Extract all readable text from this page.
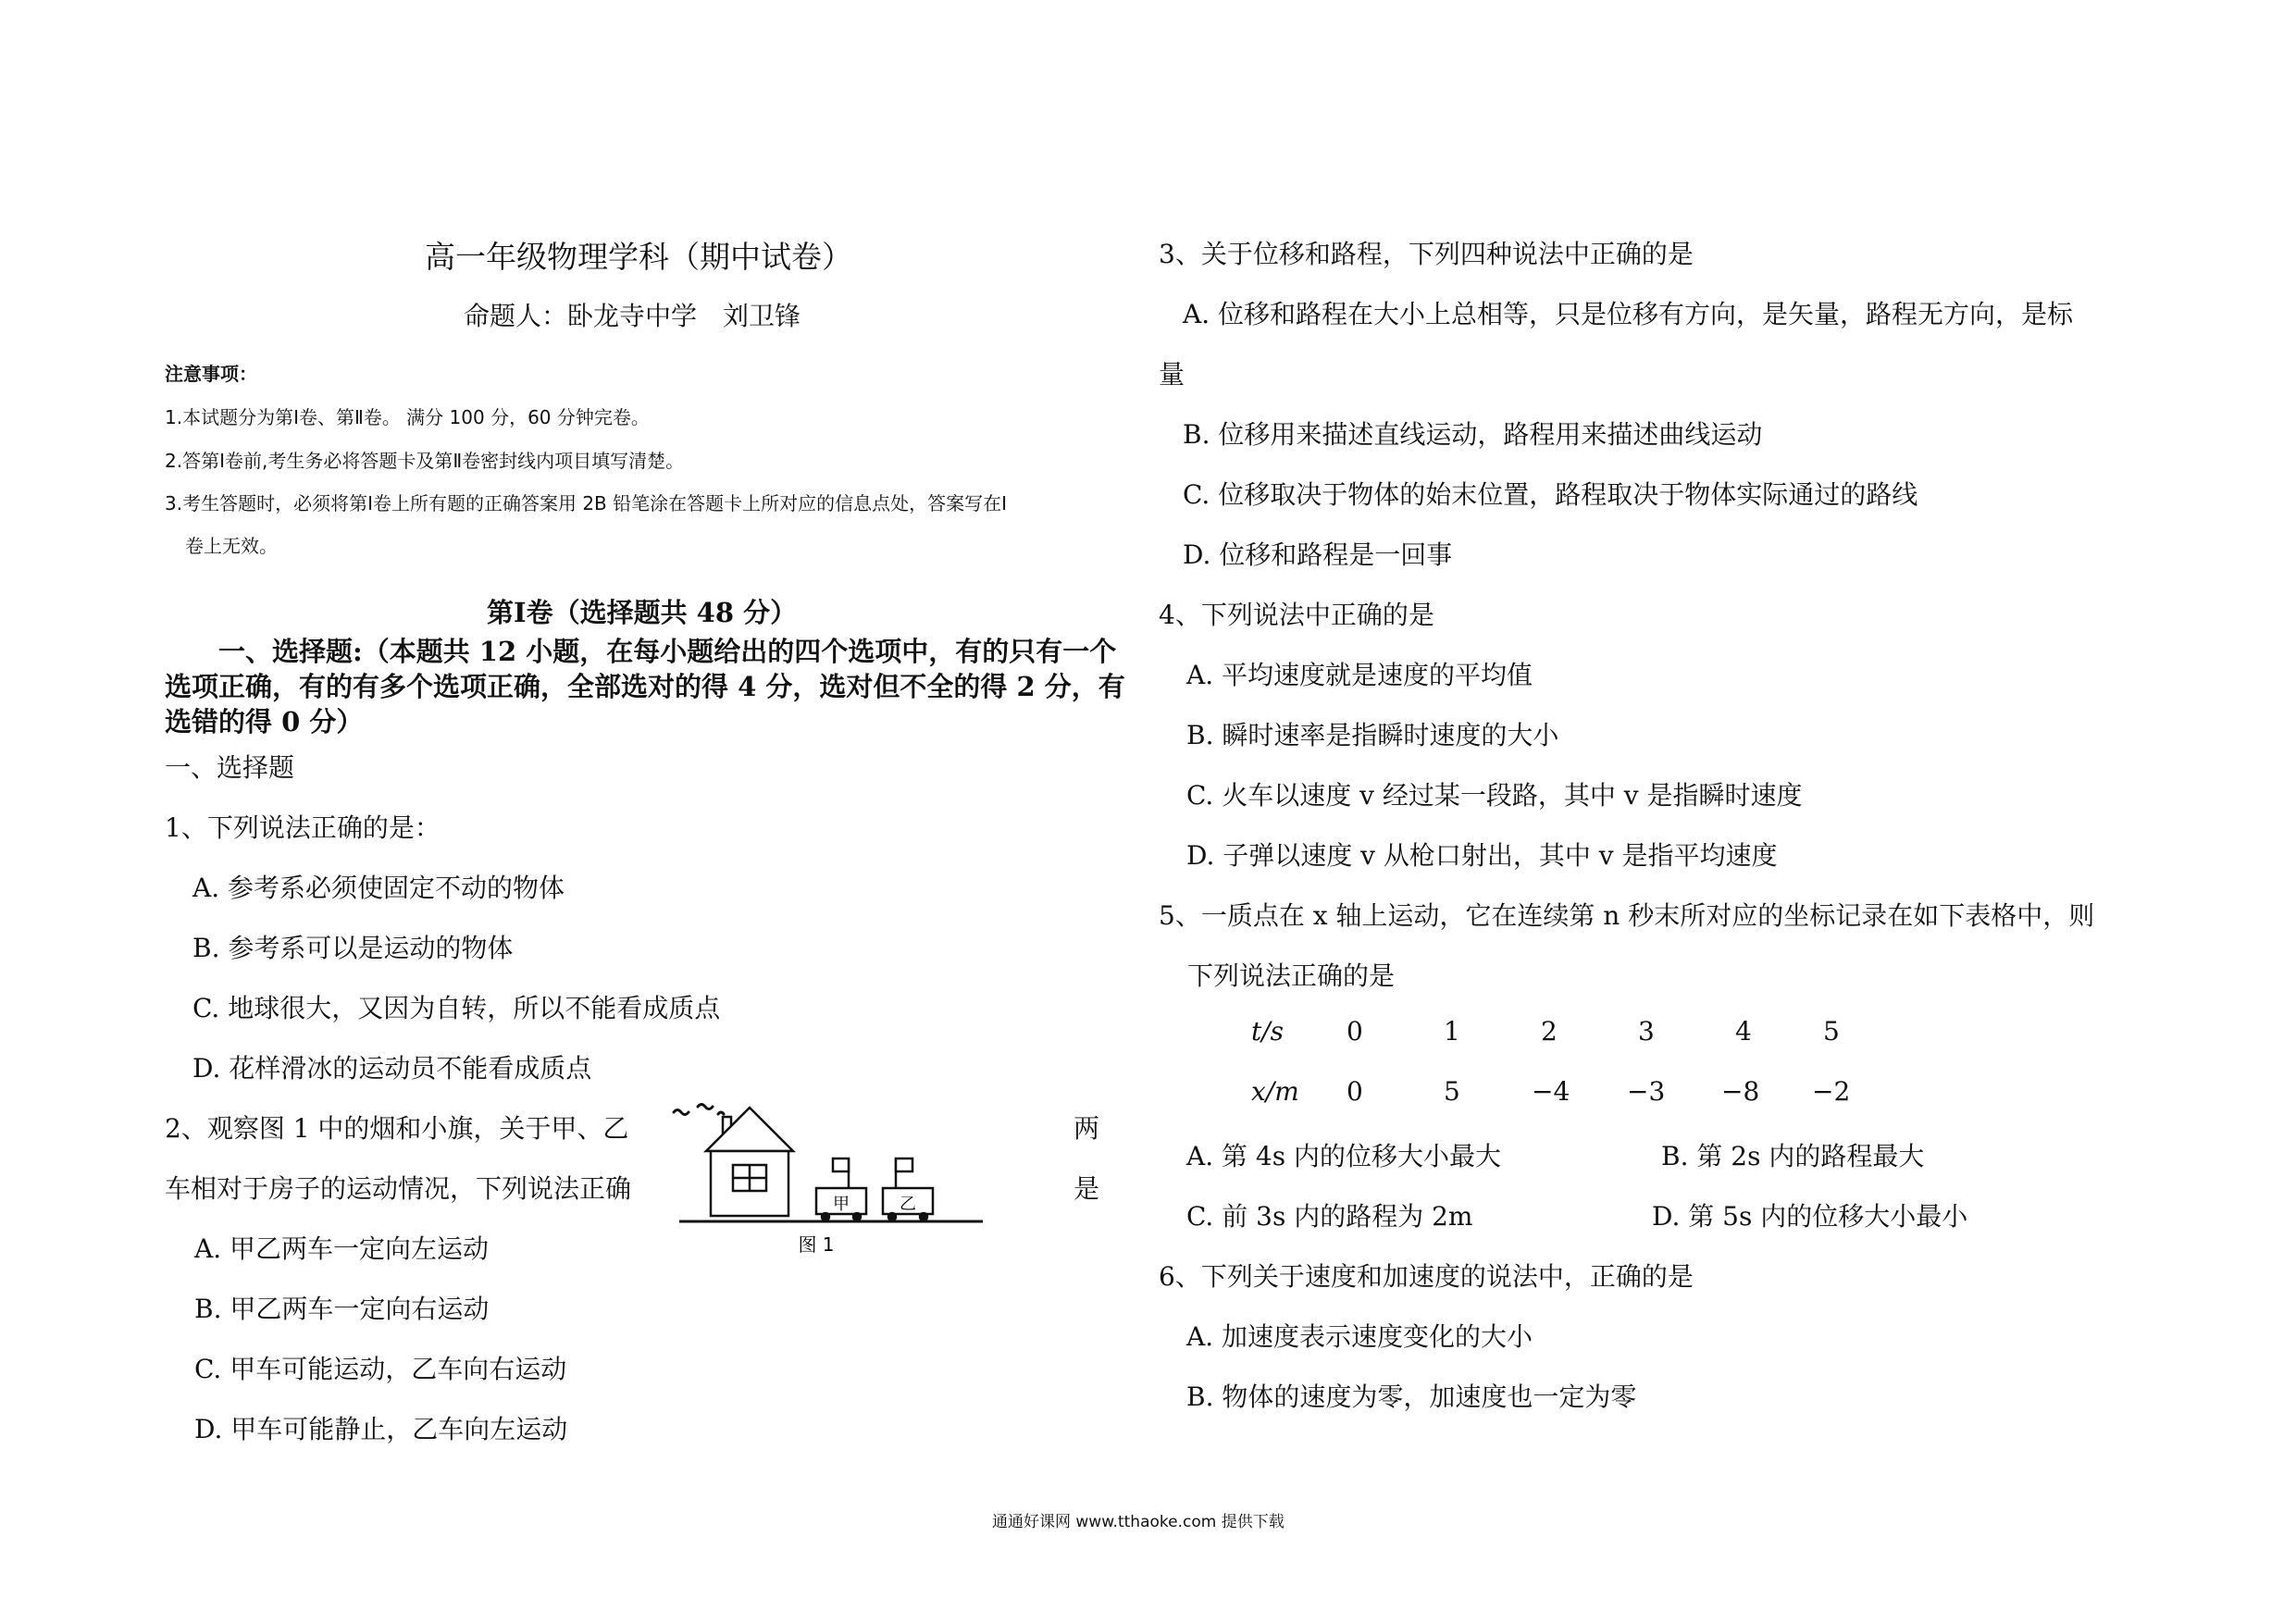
高一年级物理学科（期中试卷）
命题人：卧龙寺中学　刘卫锋
注意事项：
1.本试题分为第Ⅰ卷、第Ⅱ卷。 满分 100 分，60 分钟完卷。
2.答第Ⅰ卷前,考生务必将答题卡及第Ⅱ卷密封线内项目填写清楚。
3.考生答题时，必须将第Ⅰ卷上所有题的正确答案用 2B 铅笔涂在答题卡上所对应的信息点处，答案写在Ⅰ
卷上无效。
第Ⅰ卷（选择题共 48 分）
一、选择题:（本题共 12 小题，在每小题给出的四个选项中，有的只有一个
选项正确，有的有多个选项正确，全部选对的得 4 分，选对但不全的得 2 分，有
选错的得 0 分）
一、选择题
1、下列说法正确的是：
A. 参考系必须使固定不动的物体
B. 参考系可以是运动的物体
C. 地球很大，又因为自转，所以不能看成质点
D. 花样滑冰的运动员不能看成质点
2、观察图 1 中的烟和小旗，关于甲、乙	两
车相对于房子的运动情况，下列说法正确	是
甲	乙
图 1
A. 甲乙两车一定向左运动
B. 甲乙两车一定向右运动
C. 甲车可能运动，乙车向右运动
D. 甲车可能静止，乙车向左运动
3、关于位移和路程，下列四种说法中正确的是
A. 位移和路程在大小上总相等，只是位移有方向，是矢量，路程无方向，是标
量
B. 位移用来描述直线运动，路程用来描述曲线运动
C. 位移取决于物体的始末位置，路程取决于物体实际通过的路线
D. 位移和路程是一回事
4、下列说法中正确的是
A. 平均速度就是速度的平均值
B. 瞬时速率是指瞬时速度的大小
C. 火车以速度 v 经过某一段路，其中 v 是指瞬时速度
D. 子弹以速度 v 从枪口射出，其中 v 是指平均速度
5、一质点在 x 轴上运动，它在连续第 n 秒末所对应的坐标记录在如下表格中，则
下列说法正确的是
t/s 0	1	2	3	4	5
x/m 0	5	−4 −3 −8 −2
A. 第 4s 内的位移大小最大	B. 第 2s 内的路程最大
C. 前 3s 内的路程为 2m	D. 第 5s 内的位移大小最小
6、下列关于速度和加速度的说法中，正确的是
A. 加速度表示速度变化的大小
B. 物体的速度为零，加速度也一定为零
通通好课网 www.tthaoke.com 提供下载
